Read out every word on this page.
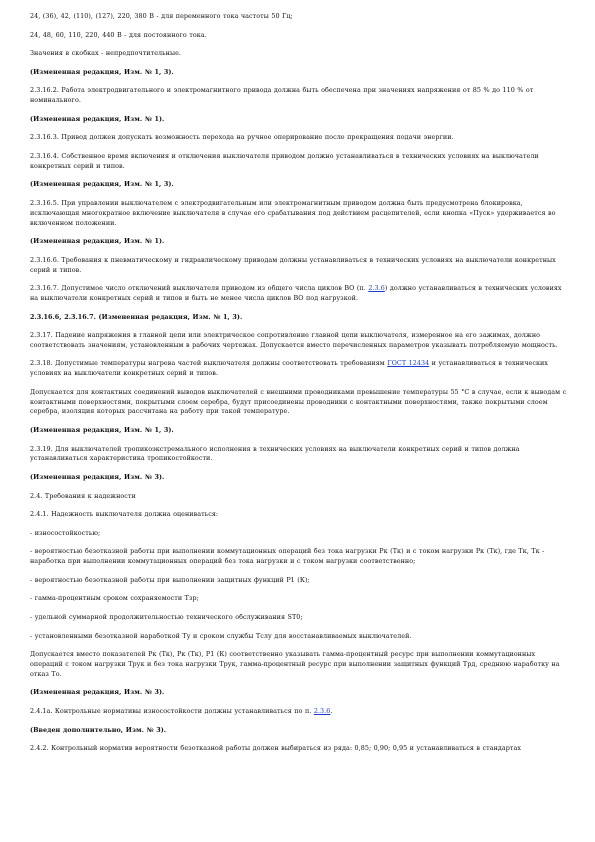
24, (36), 42, (110), (127), 220, 380 В - для переменного тока частоты 50 Гц;

24, 48, 60, 110, 220, 440 В - для постоянного тока.

Значения в скобках - непредпочтительные.

(Измененная редакция, Изм. № 1, 3).

2.3.16.2. Работа электродвигательного и электромагнитного привода должна быть обеспечена при значениях напряжения от 85 % до 110 % от номинального.

(Измененная редакция, Изм. № 1).

2.3.16.3. Привод должен допускать возможность перехода на ручное оперирование после прекращения подачи энергии.

2.3.16.4. Собственное время включения и отключения выключателя приводом должно устанавливаться в технических условиях на выключатели конкретных серий и типов.

(Измененная редакция, Изм. № 1, 3).

2.3.16.5. При управлении выключателем с электродвигательным или электромагнитным приводом должна быть предусмотрена блокировка, исключающая многократное включение выключателя в случае его срабатывания под действием расцепителей, если кнопка «Пуск» удерживается во включенном положении.

(Измененная редакция, Изм. № 1).

2.3.16.6. Требования к пневматическому и гидравлическому приводам должны устанавливаться в технических условиях на выключатели конкретных серий и типов.

2.3.16.7. Допустимое число отключений выключателя приводом из общего числа циклов ВО (п. 2.3.6) должно устанавливаться в технических условиях на выключатели конкретных серий и типов и быть не менее числа циклов ВО под нагрузкой.

2.3.16.6, 2.3.16.7. (Измененная редакция, Изм. № 1, 3).

2.3.17. Падение напряжения в главной цепи или электрическое сопротивление главной цепи выключателя, измеренное на его зажимах, должно соответствовать значениям, установленным в рабочих чертежах. Допускается вместо перечисленных параметров указывать потребляемую мощность.

2.3.18. Допустимые температуры нагрева частей выключателя должны соответствовать требованиям ГОСТ 12434 и устанавливаться в технических условиях на выключатели конкретных серий и типов.

Допускается для контактных соединений выводов выключателей с внешними проводниками превышение температуры 55 °С в случае, если к выводам с контактными поверхностями, покрытыми слоем серебра, будут присоединены проводники с контактными поверхностями, также покрытыми слоем серебра, изоляция которых рассчитана на работу при такой температуре.

(Измененная редакция, Изм. № 1, 3).

2.3.19. Для выключателей тропикоэкстремального исполнения в технических условиях на выключатели конкретных серий и типов должна устанавливаться характеристика тропикостойкости.

(Измененная редакция, Изм. № 3).

2.4. Требования к надежности

2.4.1. Надежность выключателя должна оцениваться:

- износостойкостью;

- вероятностью безотказной работы при выполнении коммутационных операций без тока нагрузки Рк (Тк) и с током нагрузки Рк (Тк), где Тк, Тк - наработка при выполнении коммутационных операций без тока нагрузки и с током нагрузки соответственно;

- вероятностью безотказной работы при выполнении защитных функций Р1 (К);

- гамма-процентным сроком сохраняемости Тзр;

- удельной суммарной продолжительностью технического обслуживания ST0;

- установленными безотказной наработкой Ту и сроком службы Тслу для восстанавливаемых выключателей.

Допускается вместо показателей Рк (Тк), Рк (Тк), Р1 (К) соответственно указывать гамма-процентный ресурс при выполнении коммутационных операций с током нагрузки Трук и без тока нагрузки Трук, гамма-процентный ресурс при выполнении защитных функций Трд, среднюю наработку на отказ То.

(Измененная редакция, Изм. № 3).

2.4.1а. Контрольные нормативы износостойкости должны устанавливаться по п. 2.3.6.

(Введен дополнительно, Изм. № 3).

2.4.2. Контрольный норматив вероятности безотказной работы должен выбираться из ряда: 0,85; 0,90; 0,95 и устанавливаться в стандартах
